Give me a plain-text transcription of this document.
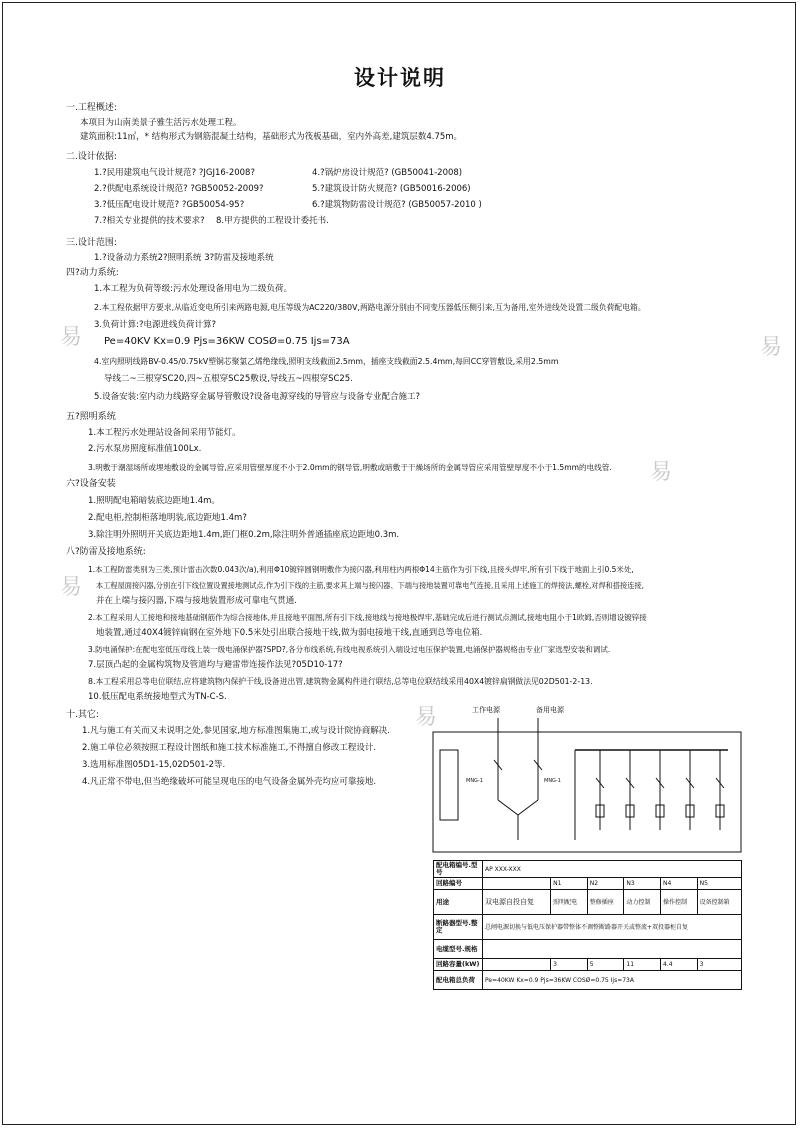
设计说明
一.工程概述:
本项目为山南美景子雅生活污水处理工程。
建筑面积:11㎡，* 结构形式为钢筋混凝土结构，基础形式为筏板基础，室内外高差,建筑层数4.75m。
二.设计依据:
1.?民用建筑电气设计规范? ?JGJ16-2008?
2.?供配电系统设计规范? ?GB50052-2009?
3.?低压配电设计规范? ?GB50054-95?
7.?相关专业提供的技术要求? 8.甲方提供的工程设计委托书.
4.?锅炉房设计规范? (GB50041-2008)
5.?建筑设计防火规范? (GB50016-2006)
6.?建筑物防雷设计规范? (GB50057-2010 )
三.设计范围:
1.?设备动力系统2?照明系统 3?防雷及接地系统
四?动力系统:
1.本工程为负荷等级:污水处理设备用电为二级负荷。
2.本工程依据甲方要求,从临近变电所引来两路电源,电压等级为AC220/380V,两路电源分别由不同变压器低压侧引来,互为备用,室外进线处设置二级负荷配电箱。
3.负荷计算:?电源进线负荷计算?
Pe=40KV Kx=0.9 Pjs=36KW COSØ=0.75 Ijs=73A
4.室内照明线路BV-0.45/0.75kV塑铜芯聚氯乙烯绝缘线,照明支线截面2.5mm，插座支线截面2.5.4mm,每回CC穿管敷设,采用2.5mm
导线二~三根穿SC20,四~五根穿SC25敷设,导线五~四根穿SC25.
5.设备安装:室内动力线路穿金属导管敷设?设备电源穿线的导管应与设备专业配合施工?
五?照明系统
1.本工程污水处理站设备间采用节能灯。
2.污水泵房照度标准值100Lx.
3.明敷于潮湿场所或埋地敷设的金属导管,应采用管壁厚度不小于2.0mm的钢导管,明敷或暗敷于干燥场所的金属导管应采用管壁厚度不小于1.5mm的电线管.
六?设备安装
1.照明配电箱暗装底边距地1.4m。
2.配电柜,控制柜落地明装,底边距地1.4m?
3.除注明外照明开关底边距地1.4m,距门框0.2m,除注明外普通插座底边距地0.3m.
八?防雷及接地系统:
1.本工程防雷类别为三类,预计雷击次数0.043次/a),利用Φ10镀锌圆钢明敷作为接闪器,利用柱内两根Φ14主筋作为引下线,且接头焊牢,所有引下线于地面上引0.5米处,
本工程屋面接闪器,分别在引下线位置设置接地测试点,作为引下线的主筋,要求其上端与接闪器、下端与接地装置可靠电气连接,且采用上述施工的焊接法,螺栓,对焊和搭接连接,
并在上端与接闪器,下端与接地装置形成可靠电气贯通.
2.本工程采用人工接地和接地基础钢筋作为综合接地体,并且接地平面图,所有引下线,接地线与接地极焊牢,基础完成后进行测试点测试,接地电阻小于1欧姆,否则增设镀锌接
地装置,通过40X4镀锌扁钢在室外地下0.5米处引出联合接地干线,做为弱电接地干线,直通到总等电位箱.
3.防电涌保护:在配电室低压母线上装一级电涌保护器?SPD?,各分布线系统,有线电视系统引入端设过电压保护装置,电涌保护器规格由专业厂家选型安装和调试.
7.层顶凸起的金属构筑物及管道均与避雷带连接作法见?05D10-17?
8.本工程采用总等电位联结,应将建筑物内保护干线,设备进出管,建筑物金属构件进行联结,总等电位联结线采用40X4镀锌扁钢做法见02D501-2-13.
10.低压配电系统接地型式为TN-C-S.
十.其它:
1.凡与施工有关而又未说明之处,参见国家,地方标准图集施工,或与设计院协商解决.
2.施工单位必须按照工程设计图纸和施工技术标准施工,不得擅自修改工程设计.
3.选用标准图05D1-15,02D501-2等.
4.凡正常不带电,但当绝缘破坏可能呈现电压的电气设备金属外壳均应可靠接地.
易
易
易
易
易	工作电源	备用电源
MNG-1	MNG-1
配电箱编号.型号	AP XXX-XXX					
回路编号		N1	N2	N3	N4	N5
用途	双电源自投自复	照明配电	整修插座	动力控制	操作控制	设备控制箱
断路器型号.整定	总闸电源切换与低电压保护器带整体不调整断路器开关或整流+双投器柜自复					
电缆型号.规格						
回路容量(kW)		3	5	11	4.4	3
配电箱总负荷	Pe=40KW Kx=0.9 Pjs=36KW COSØ=0.75 Ijs=73A					
